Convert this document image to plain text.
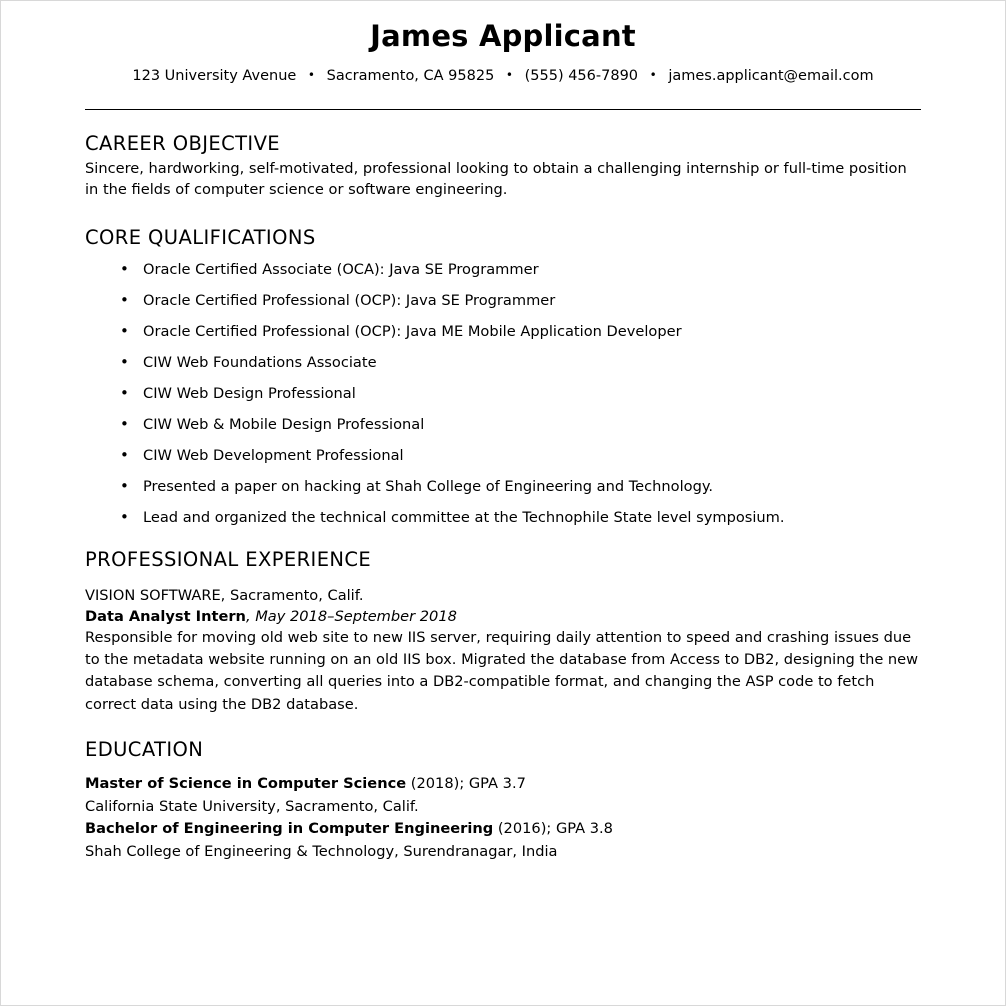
James Applicant
123 University Avenue • Sacramento, CA 95825 • (555) 456-7890 • james.applicant@email.com
CAREER OBJECTIVE

Sincere, hardworking, self-motivated, professional looking to obtain a challenging internship or full-time position in the fields of computer science or software engineering.

CORE QUALIFICATIONS
• Oracle Certified Associate (OCA): Java SE Programmer
• Oracle Certified Professional (OCP): Java SE Programmer
• Oracle Certified Professional (OCP): Java ME Mobile Application Developer
• CIW Web Foundations Associate
• CIW Web Design Professional
• CIW Web & Mobile Design Professional
• CIW Web Development Professional
• Presented a paper on hacking at Shah College of Engineering and Technology.
• Lead and organized the technical committee at the Technophile State level symposium.
PROFESSIONAL EXPERIENCE

VISION SOFTWARE, Sacramento, Calif.

Data Analyst Intern, May 2018–September 2018

Responsible for moving old web site to new IIS server, requiring daily attention to speed and crashing issues due to the metadata website running on an old IIS box. Migrated the database from Access to DB2, designing the new database schema, converting all queries into a DB2-compatible format, and changing the ASP code to fetch correct data using the DB2 database.

EDUCATION

Master of Science in Computer Science (2018); GPA 3.7

California State University, Sacramento, Calif.

Bachelor of Engineering in Computer Engineering (2016); GPA 3.8

Shah College of Engineering & Technology, Surendranagar, India
